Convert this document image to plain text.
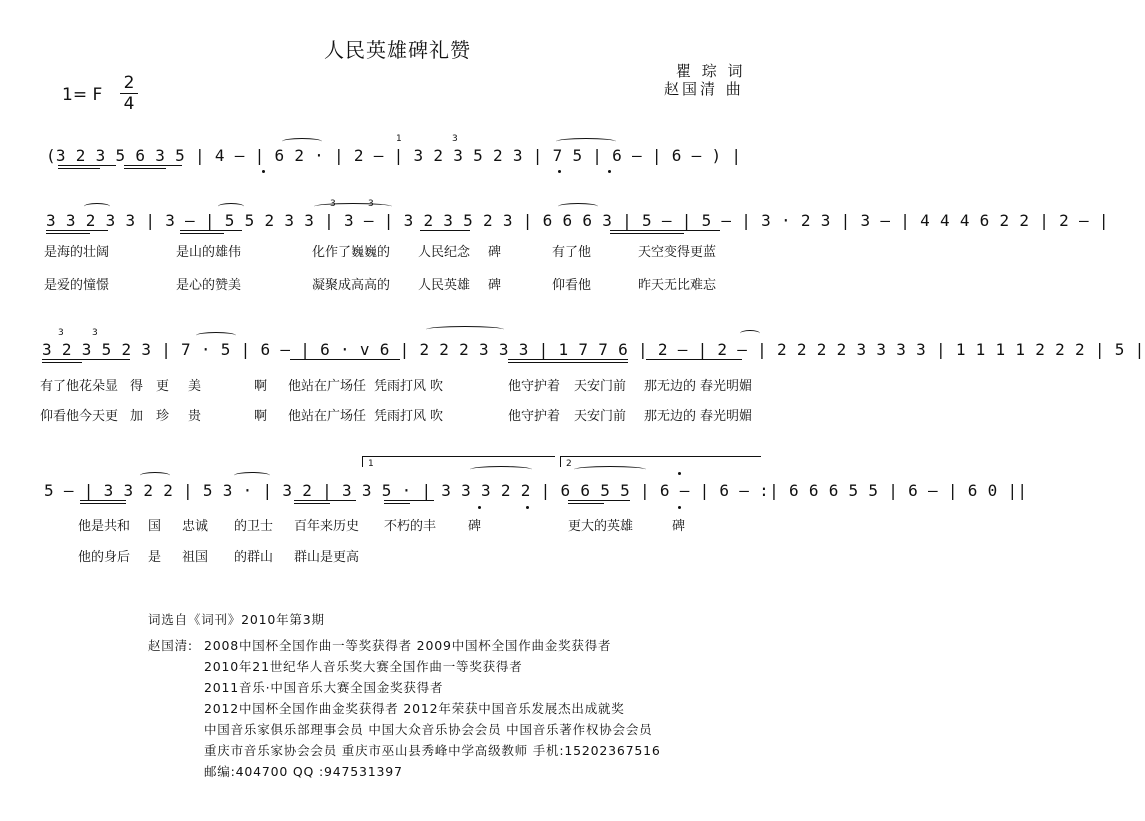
人民英雄碑礼赞
瞿 琮 词
赵国清 曲
1= F
2
4
(3 2 3 5 6 3 5 | 4 — | 6 2 · | 2 — | 3 2 3 5 2 3 | 7 5 | 6 — | 6 — ) |
1	3
3 3 2 3 3 | 3 — | 5 5 2 3 3 | 3 — | 3 2 3 5 2 3 | 6 6 6 3 | 5 — | 5 — | 3 · 2 3 | 3 — | 4 4 4 6 2 2 | 2 — |
3	3
是海的壮阔	是山的雄伟	化作了巍巍的 人民纪念 碑	有了他	天空变得更蓝
是爱的憧憬	是心的赞美	凝聚成高高的 人民英雄 碑	仰看他	昨天无比难忘
3 2 3 5 2 3 | 7 · 5 | 6 — | 6 · v 6 | 2 2 2 3 3 3 | 1 7 7 6 | 2 — | 2 — | 2 2 2 2 3 3 3 3 | 1 1 1 1 2 2 2 | 5 |
3	3
有了他花朵显 得 更 美	啊 他站在广场任 凭雨打风 吹	他守护着 天安门前 那无边的 春光明媚
仰看他今天更 加 珍 贵	啊 他站在广场任 凭雨打风 吹	他守护着 天安门前 那无边的 春光明媚
1	2
5 — | 3 3 2 2 | 5 3 · | 3 2 | 3 3 5 · | 3 3 3 2 2 | 6 6 5 5 | 6 — | 6 — :| 6 6 6 5 5 | 6 — | 6 0 ||
他是共和 国 忠诚 的卫士 百年来历史 不朽的丰 碑	更大的英雄	碑
他的身后 是 祖国 的群山 群山是更高
词选自《词刊》2010年第3期
赵国清: 2008中国杯全国作曲一等奖获得者 2009中国杯全国作曲金奖获得者
2010年21世纪华人音乐奖大赛全国作曲一等奖获得者
2011音乐·中国音乐大赛全国金奖获得者
2012中国杯全国作曲金奖获得者 2012年荣获中国音乐发展杰出成就奖
中国音乐家俱乐部理事会员 中国大众音乐协会会员 中国音乐著作权协会会员
重庆市音乐家协会会员 重庆市巫山县秀峰中学高级教师 手机:15202367516
邮编:404700 QQ :947531397
